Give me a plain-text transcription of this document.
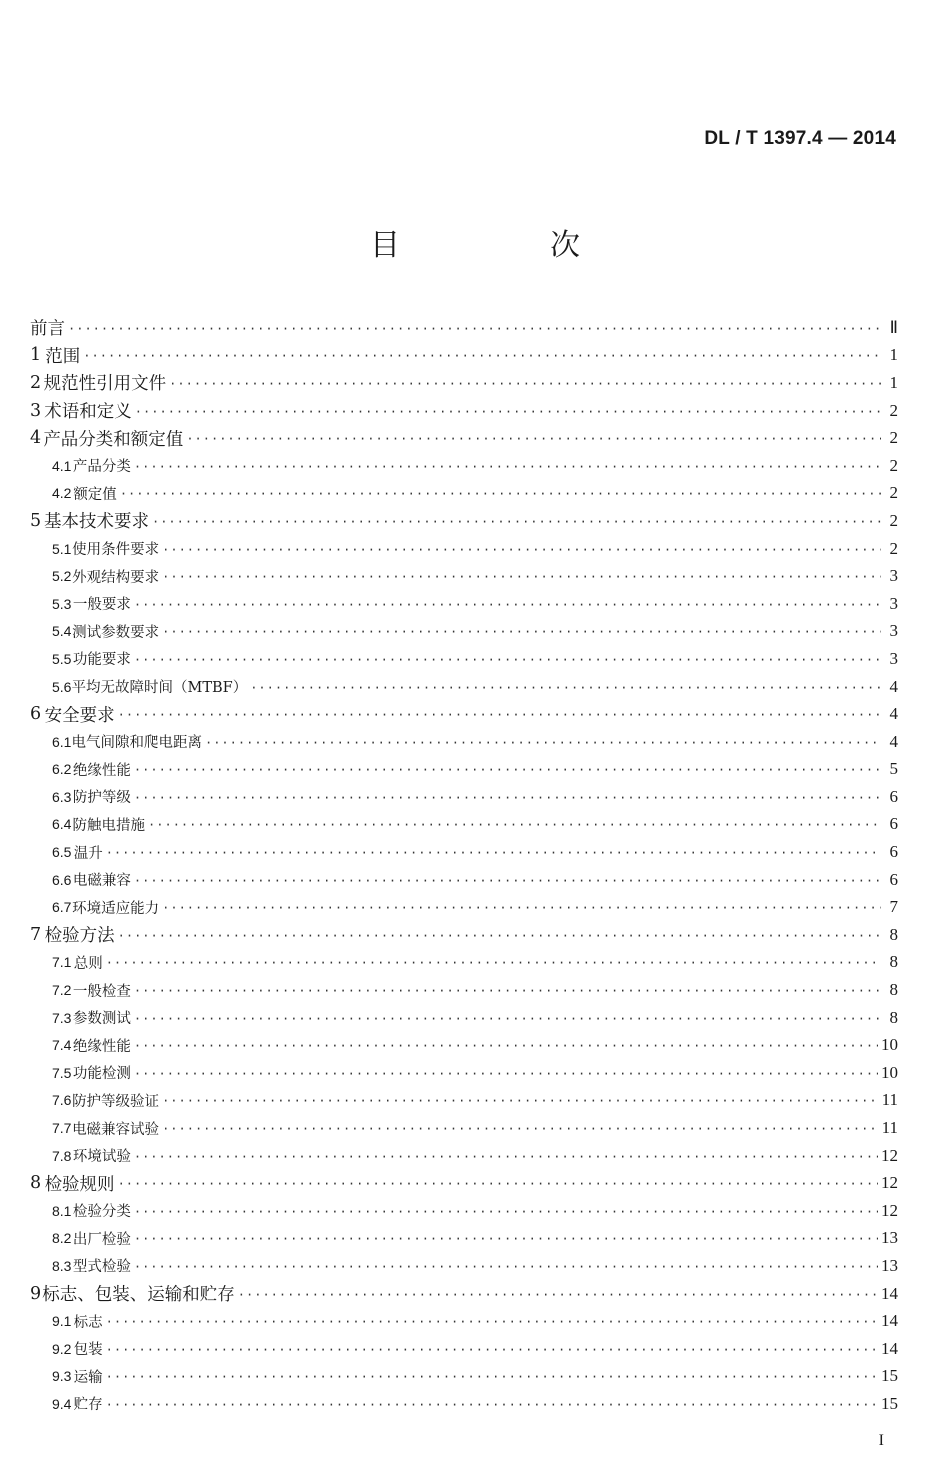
DL / T 1397.4 — 2014
目　次
前言 ·····	Ⅱ
1 范围 ·····	1
2 规范性引用文件 ·····	1
3 术语和定义 ·····	2
4 产品分类和额定值 ·····	2
4.1 产品分类 ·····	2
4.2 额定值 ·····	2
5 基本技术要求 ·····	2
5.1 使用条件要求 ·····	2
5.2 外观结构要求 ·····	3
5.3 一般要求 ·····	3
5.4 测试参数要求 ·····	3
5.5 功能要求 ·····	3
5.6 平均无故障时间（MTBF） ·····	4
6 安全要求 ·····	4
6.1 电气间隙和爬电距离 ·····	4
6.2 绝缘性能 ·····	5
6.3 防护等级 ·····	6
6.4 防触电措施 ·····	6
6.5 温升 ·····	6
6.6 电磁兼容 ·····	6
6.7 环境适应能力 ·····	7
7 检验方法 ·····	8
7.1 总则 ·····	8
7.2 一般检查 ·····	8
7.3 参数测试 ·····	8
7.4 绝缘性能 ·····	10
7.5 功能检测 ·····	10
7.6 防护等级验证 ·····	11
7.7 电磁兼容试验 ·····	11
7.8 环境试验 ·····	12
8 检验规则 ·····	12
8.1 检验分类 ·····	12
8.2 出厂检验 ·····	13
8.3 型式检验 ·····	13
9 标志、包装、运输和贮存 ·····	14
9.1 标志 ·····	14
9.2 包装 ·····	14
9.3 运输 ·····	15
9.4 贮存 ·····	15
I
